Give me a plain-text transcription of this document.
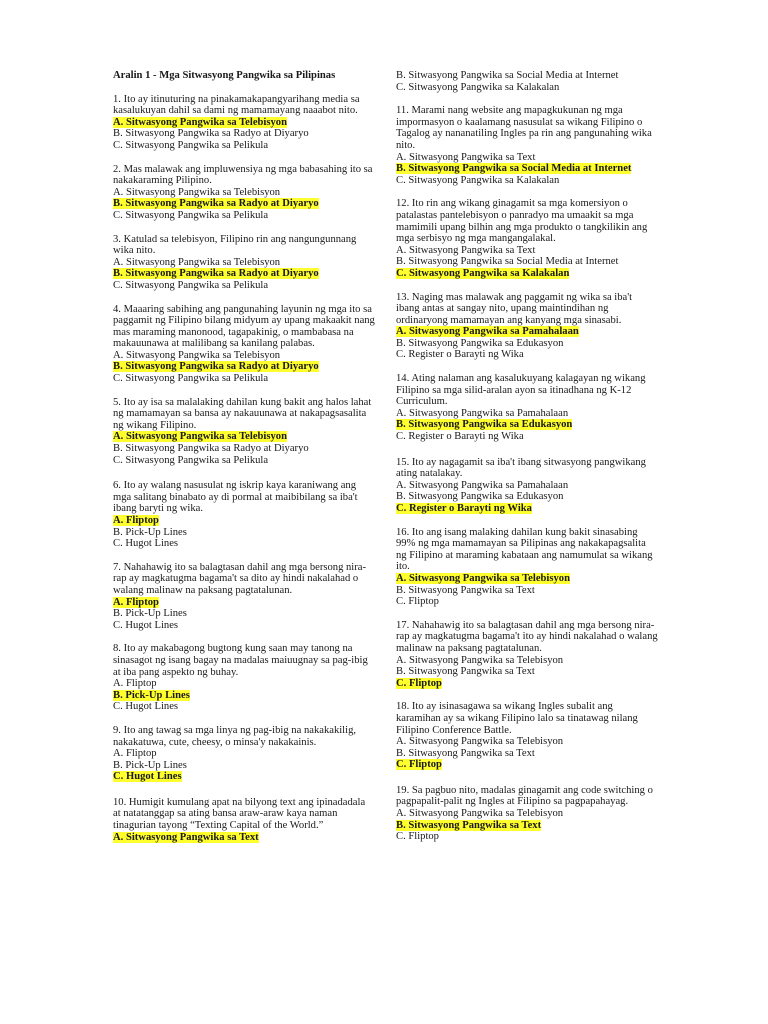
Aralin 1 - Mga Sitwasyong Pangwika sa Pilipinas

1. Ito ay itinuturing na pinakamakapangyarihang media sa kasalukuyan dahil sa dami ng mamamayang naaabot nito.

A. Sitwasyong Pangwika sa Telebisyon
B. Sitwasyong Pangwika sa Radyo at Diyaryo
C. Sitwasyong Pangwika sa Pelikula

2. Mas malawak ang impluwensiya ng mga babasahing ito sa nakakaraming Pilipino.

A. Sitwasyong Pangwika sa Telebisyon
B. Sitwasyong Pangwika sa Radyo at Diyaryo
C. Sitwasyong Pangwika sa Pelikula

3. Katulad sa telebisyon, Filipino rin ang nangungunnang wika nito.

A. Sitwasyong Pangwika sa Telebisyon
B. Sitwasyong Pangwika sa Radyo at Diyaryo
C. Sitwasyong Pangwika sa Pelikula

4. Maaaring sabihing ang pangunahing layunin ng mga ito sa paggamit ng Filipino bilang midyum ay upang makaakit nang mas maraming manonood, tagapakinig, o mambabasa na makauunawa at malilibang sa kanilang palabas.

A. Sitwasyong Pangwika sa Telebisyon
B. Sitwasyong Pangwika sa Radyo at Diyaryo
C. Sitwasyong Pangwika sa Pelikula

5. Ito ay isa sa malalaking dahilan kung bakit ang halos lahat ng mamamayan sa bansa ay nakauunawa at nakapagsasalita ng wikang Filipino.

A. Sitwasyong Pangwika sa Telebisyon
B. Sitwasyong Pangwika sa Radyo at Diyaryo
C. Sitwasyong Pangwika sa Pelikula

6. Ito ay walang nasusulat ng iskrip kaya karaniwang ang mga salitang binabato ay di pormal at maibibilang sa iba't ibang baryti ng wika.

A. Fliptop
B. Pick-Up Lines
C. Hugot Lines

7. Nahahawig ito sa balagtasan dahil ang mga bersong nira-rap ay magkatugma bagama't sa dito ay hindi nakalahad o walang malinaw na paksang pagtatalunan.

A. Fliptop
B. Pick-Up Lines
C. Hugot Lines

8. Ito ay makabagong bugtong kung saan may tanong na sinasagot ng isang bagay na madalas maiuugnay sa pag-ibig at iba pang aspekto ng buhay.

A. Fliptop
B. Pick-Up Lines
C. Hugot Lines

9. Ito ang tawag sa mga linya ng pag-ibig na nakakakilig, nakakatuwa, cute, cheesy, o minsa'y nakakainis.

A. Fliptop
B. Pick-Up Lines
C. Hugot Lines

10. Humigit kumulang apat na bilyong text ang ipinadadala at natatanggap sa ating bansa araw-araw kaya naman tinagurian tayong “Texting Capital of the World.”

A. Sitwasyong Pangwika sa Text
B. Sitwasyong Pangwika sa Social Media at Internet
C. Sitwasyong Pangwika sa Kalakalan

11. Marami nang website ang mapagkukunan ng mga impormasyon o kaalamang nasusulat sa wikang Filipino o Tagalog ay nananatiling Ingles pa rin ang pangunahing wika nito.

A. Sitwasyong Pangwika sa Text
B. Sitwasyong Pangwika sa Social Media at Internet
C. Sitwasyong Pangwika sa Kalakalan

12. Ito rin ang wikang ginagamit sa mga komersiyon o patalastas pantelebisyon o panradyo ma umaakit sa mga mamimili upang bilhin ang mga produkto o tangkilikin ang mga serbisyo ng mga mangangalakal.

A. Sitwasyong Pangwika sa Text
B. Sitwasyong Pangwika sa Social Media at Internet
C. Sitwasyong Pangwika sa Kalakalan

13. Naging mas malawak ang paggamit ng wika sa iba't ibang antas at sangay nito, upang maintindihan ng ordinaryong mamamayan ang kanyang mga sinasabi.

A. Sitwasyong Pangwika sa Pamahalaan
B. Sitwasyong Pangwika sa Edukasyon
C. Register o Barayti ng Wika

14. Ating nalaman ang kasalukuyang kalagayan ng wikang Filipino sa mga silid-aralan ayon sa itinadhana ng K-12 Curriculum.

A. Sitwasyong Pangwika sa Pamahalaan
B. Sitwasyong Pangwika sa Edukasyon
C. Register o Barayti ng Wika

15. Ito ay nagagamit sa iba't ibang sitwasyong pangwikang ating natalakay.

A. Sitwasyong Pangwika sa Pamahalaan
B. Sitwasyong Pangwika sa Edukasyon
C. Register o Barayti ng Wika

16. Ito ang isang malaking dahilan kung bakit sinasabing 99% ng mga mamamayan sa Pilipinas ang nakakapagsalita ng Filipino at maraming kabataan ang namumulat sa wikang ito.

A. Sitwasyong Pangwika sa Telebisyon
B. Sitwasyong Pangwika sa Text
C. Fliptop

17. Nahahawig ito sa balagtasan dahil ang mga bersong nira-rap ay magkatugma bagama't ito ay hindi nakalahad o walang malinaw na paksang pagtatalunan.

A. Sitwasyong Pangwika sa Telebisyon
B. Sitwasyong Pangwika sa Text
C. Fliptop

18. Ito ay isinasagawa sa wikang Ingles subalit ang karamihan ay sa wikang Filipino lalo sa tinatawag nilang Filipino Conference Battle.

A. Sitwasyong Pangwika sa Telebisyon
B. Sitwasyong Pangwika sa Text
C. Fliptop

19. Sa pagbuo nito, madalas ginagamit ang code switching o pagpapalit-palit ng Ingles at Filipino sa pagpapahayag.

A. Sitwasyong Pangwika sa Telebisyon
B. Sitwasyong Pangwika sa Text
C. Fliptop
